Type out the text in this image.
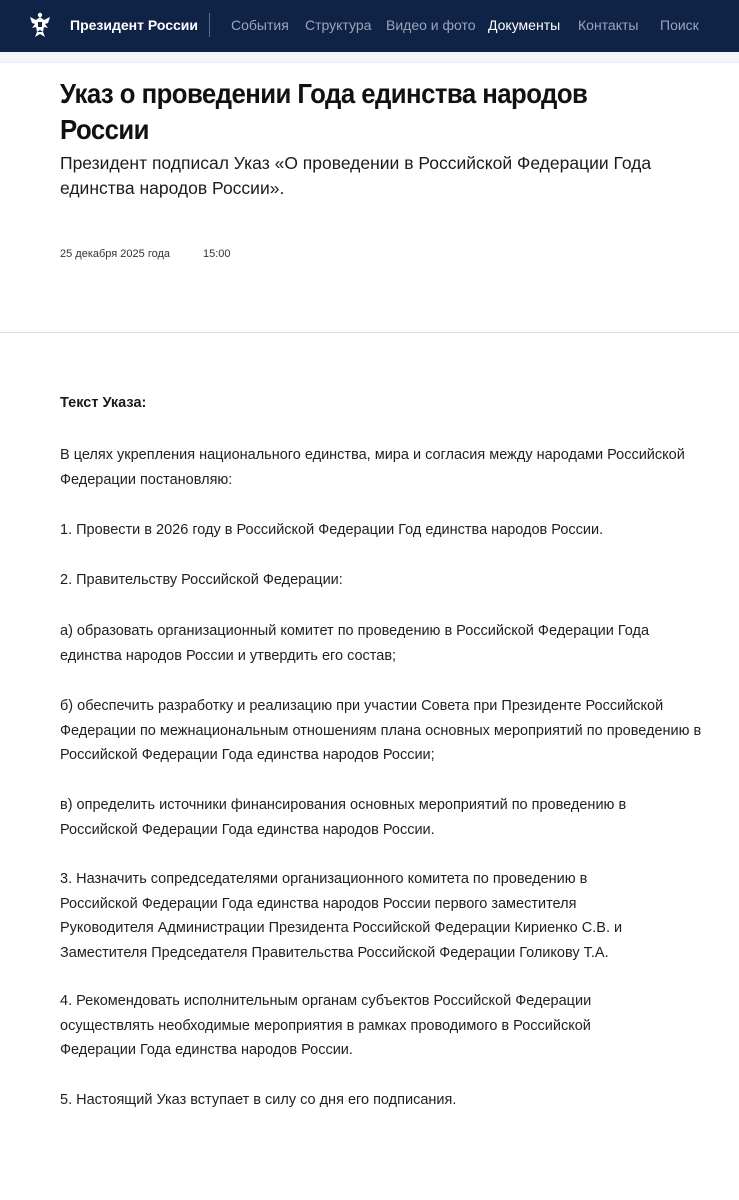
Президент России События Структура Видео и фото Документы Контакты Поиск
Указ о проведении Года единства народов России

Президент подписал Указ «О проведении в Российской Федерации Года единства народов России».

25 декабря 2025 года	15:00
Текст Указа:

В целях укрепления национального единства, мира и согласия между народами Российской Федерации постановляю:

1. Провести в 2026 году в Российской Федерации Год единства народов России.

2. Правительству Российской Федерации:

а) образовать организационный комитет по проведению в Российской Федерации Года единства народов России и утвердить его состав;

б) обеспечить разработку и реализацию при участии Совета при Президенте Российской Федерации по межнациональным отношениям плана основных мероприятий по проведению в Российской Федерации Года единства народов России;

в) определить источники финансирования основных мероприятий по проведению в Российской Федерации Года единства народов России.

3. Назначить сопредседателями организационного комитета по проведению в Российской Федерации Года единства народов России первого заместителя Руководителя Администрации Президента Российской Федерации Кириенко С.В. и Заместителя Председателя Правительства Российской Федерации Голикову Т.А.

4. Рекомендовать исполнительным органам субъектов Российской Федерации осуществлять необходимые мероприятия в рамках проводимого в Российской Федерации Года единства народов России.

5. Настоящий Указ вступает в силу со дня его подписания.
